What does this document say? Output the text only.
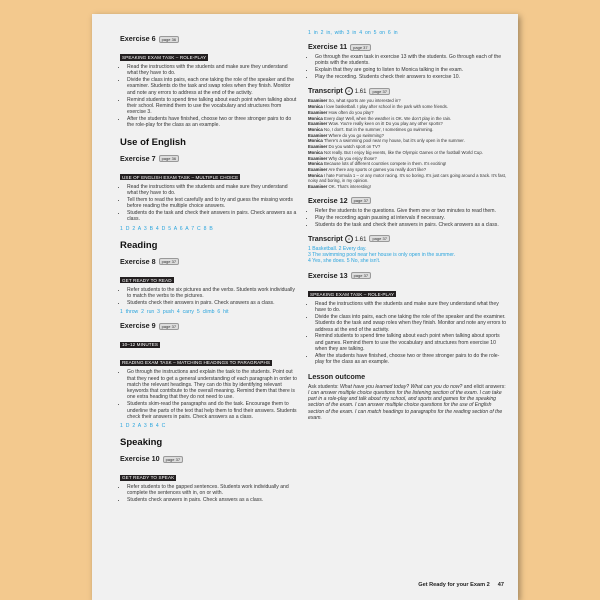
Exercise 6 page 36
SPEAKING EXAM TASK – ROLE-PLAY
• Read the instructions with the students and make sure they understand what they have to do.
• Divide the class into pairs, each one taking the role of the speaker and the examiner. Students do the task and swap roles when they finish. Monitor and note any errors to address at the end of the activity.
• Remind students to spend time talking about each point when talking about their school. Remind them to use the vocabulary and structures from exercise 3.
• After the students have finished, choose two or three stronger pairs to do the role-play for the class as an example.
Use of English
Exercise 7 page 36
USE OF ENGLISH EXAM TASK – MULTIPLE CHOICE
• Read the instructions with the students and make sure they understand what they have to do.
• Tell them to read the text carefully and to try and guess the missing words before reading the multiple choice answers.
• Students do the task and check their answers in pairs. Check answers as a class.
1 D 2 A 3 B 4 D 5 A 6 A 7 C 8 B
Reading
Exercise 8 page 37
GET READY TO READ
• Refer students to the six pictures and the verbs. Students work individually to match the verbs to the pictures.
• Students check their answers in pairs. Check answers as a class.
1 throw 2 run 3 push 4 carry 5 climb 6 hit
Exercise 9 page 37
10–12 MINUTES
READING EXAM TASK – MATCHING HEADINGS TO PARAGRAPHS
• Go through the instructions and explain the task to the students. Point out that they need to get a general understanding of each paragraph in order to match the relevant headings. They can do this by identifying relevant keywords that contribute to the overall meaning. Remind them that there is one extra heading that they do not need to use.
• Students skim-read the paragraphs and do the task. Encourage them to underline the parts of the text that help them to find their answers. Students check their answers in pairs. Check answers as a class.
1 D 2 A 3 B 4 C
Speaking
Exercise 10 page 37
GET READY TO SPEAK
• Refer students to the gapped sentences. Students work individually and complete the sentences with in, on or with.
• Students check answers in pairs. Check answers as a class.
1 in 2 in, with 3 in 4 on 5 on 6 in
Exercise 11 page 37
• Go through the exam task in exercise 13 with the students. Go through each of the points with the students.
• Explain that they are going to listen to Monica talking in the exam.
• Play the recording. Students check their answers to exercise 10.
Transcript ♫ 1.61 page 37
Examiner So, what sports are you interested in?
Monica I love basketball. I play after school in the park with some friends.
Examiner How often do you play?
Monica Every day! Well, when the weather is OK. We don't play in the rain.
Examiner Wow. You're really keen on it! Do you play any other sports?
Monica No, I don't. But in the summer, I sometimes go swimming.
Examiner Where do you go swimming?
Monica There's a swimming pool near my house, but it's only open in the summer.
Examiner Do you watch sport on TV?
Monica Not really. But I enjoy big events, like the Olympic Games or the football World Cup.
Examiner Why do you enjoy those?
Monica Because lots of different countries compete in them. It's exciting!
Examiner Are there any sports or games you really don't like?
Monica I hate Formula 1 – or any motor racing. It's so boring. It's just cars going around a track. It's fast, noisy and boring, in my opinion.
Examiner OK. That's interesting!
Exercise 12 page 37
• Refer the students to the questions. Give them one or two minutes to read them.
• Play the recording again pausing at intervals if necessary.
• Students do the task and check their answers in pairs. Check answers as a class.
Transcript ♫ 1.61 page 37
1 Basketball. 2 Every day.
3 The swimming pool near her house is only open in the summer.
4 Yes, she does. 5 No, she isn't.
Exercise 13 page 37
SPEAKING EXAM TASK – ROLE-PLAY
• Read the instructions with the students and make sure they understand what they have to do.
• Divide the class into pairs, each one taking the role of the speaker and the examiner. Students do the task and swap roles when they finish. Monitor and note any errors to address at the end of the activity.
• Remind students to spend time talking about each point when talking about sports and games. Remind them to use the vocabulary and structures from exercise 10 when they are talking.
• After the students have finished, choose two or three stronger pairs to do the role-play for the class as an example.
Lesson outcome
Ask students: What have you learned today? What can you do now? and elicit answers: I can answer multiple choice questions for the listening section of the exam. I can take part in a role-play and talk about my school, and sports and games for the speaking section of the exam. I can answer multiple choice questions for the use of English section of the exam. I can match headings to paragraphs for the reading section of the exam.
Get Ready for your Exam 2 47
